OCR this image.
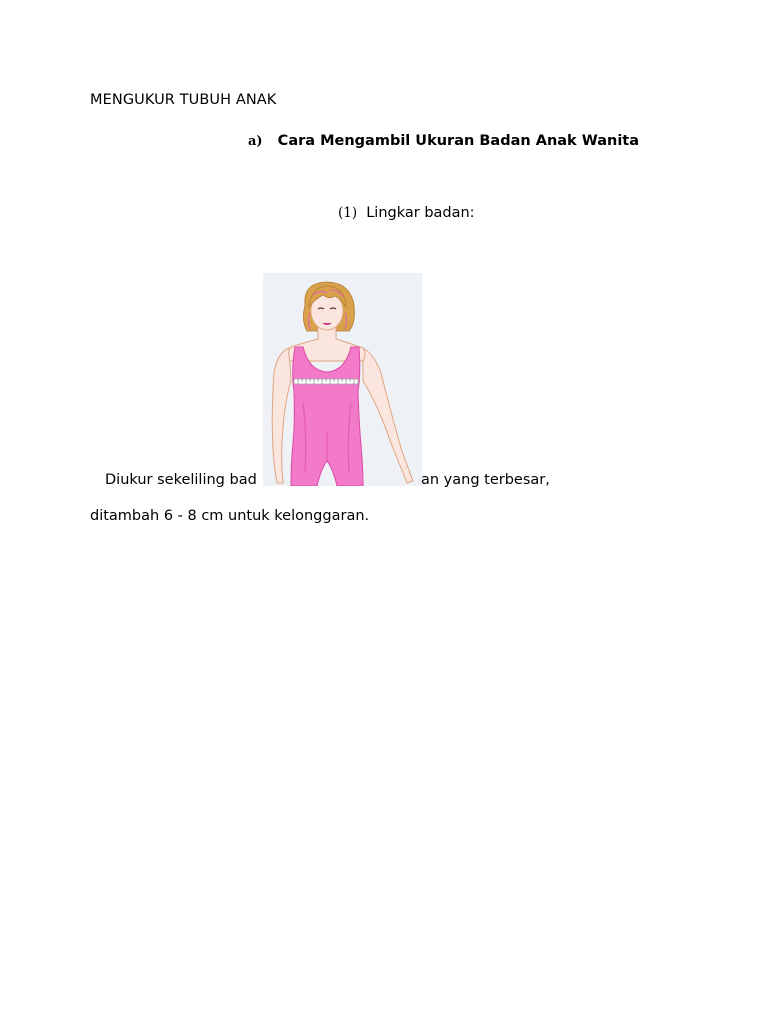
MENGUKUR TUBUH ANAK
a) Cara Mengambil Ukuran Badan Anak Wanita
(1) Lingkar badan:
Diukur sekeliling bad	an yang terbesar,
ditambah 6 - 8 cm untuk kelonggaran.
